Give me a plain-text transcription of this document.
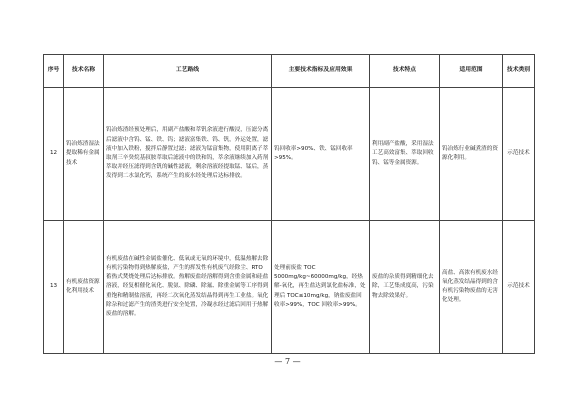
序号	技术名称	工艺路线	主要技术指标及应用效果	技术特点	适用范围	技术类别
12	钨冶炼渣湿法提取稀有金属技术	钨冶炼渣经预处理后，用副产盐酸和萃钒余液进行酸浸，压滤分离后滤液中含钨、锰、铁、钨；滤液富集铁、钨、钒，外运处置，滤液中加入铁粉，搅拌后静置过滤；滤液为锰富集物，使用阴离子萃取剂三辛癸烷基叔胺萃取后滤液中的铁和钨，萃余液继续加入药剂萃取并经压滤得到含钒的碱性滤液，剩余溶液经提取锰、锰后，蒸发得到二水氯化钙，系统产生的废水经处理后达标排放。	钨回收率>90%、铁、锰回收率>95%。	利用副产盐酸，采用湿法工艺高效富集、萃取回收钨、锰等金属资源。	钨冶炼行业碱煮渣的资源化利用。	示范技术
13	有机废盐资源化利用技术	有机废盐在碱性金属盐催化、低氧或无氧的环境中，低温热解去除有机污染物得到热解废盐，产生的挥发性有机废气经除尘、RTO 蓄热式焚烧处理后达标排放。热解废盐经溶解得到含重金属和硅盐溶液，经复相催化氧化、脱氨、除磷、除氟、除重金属等工序得到重饱和精制盐溶液，再经二次氧化蒸发结晶得到再生工业盐。氧化除杂和过滤产生的渣类进行安全处置，冷凝水经过滤后回用于热解废盐的溶解。	处理前废盐 TOC 5000mg/kg~60000mg/kg，经热解-氧化，再生盐达到氯化盐标准，处理后 TOC≤10mg/kg，钠盐废盐回收率>99%，TOC 回收率>99%。	废盐的杂质得到精细化去除，工艺集成度高，污染物去除效果好。	高盐、高浓有机废水经氧化蒸发结晶得到的含有机污染物废盐的无害化处理。	示范技术
— 7 —
